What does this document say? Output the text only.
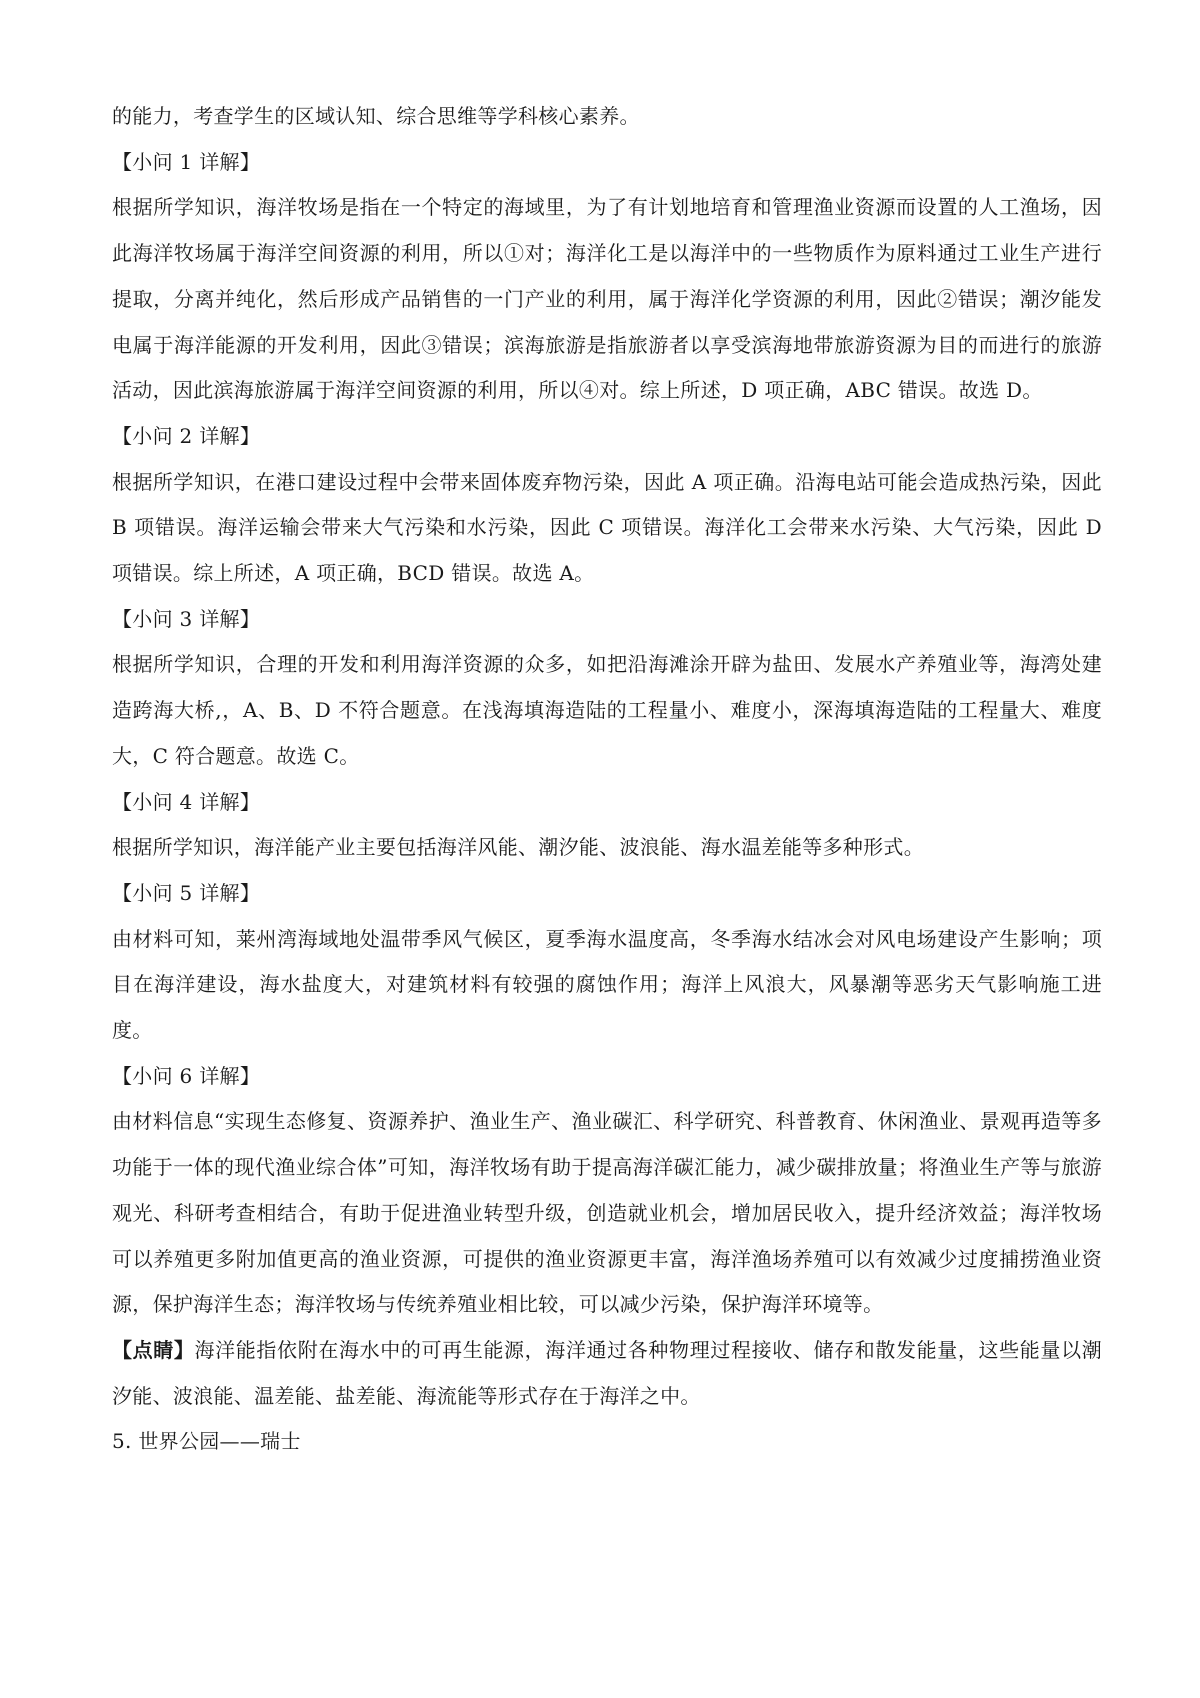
的能力，考查学生的区域认知、综合思维等学科核心素养。

【小问 1 详解】

根据所学知识，海洋牧场是指在一个特定的海域里，为了有计划地培育和管理渔业资源而设置的人工渔场，因此海洋牧场属于海洋空间资源的利用，所以①对；海洋化工是以海洋中的一些物质作为原料通过工业生产进行提取，分离并纯化，然后形成产品销售的一门产业的利用，属于海洋化学资源的利用，因此②错误；潮汐能发电属于海洋能源的开发利用，因此③错误；滨海旅游是指旅游者以享受滨海地带旅游资源为目的而进行的旅游活动，因此滨海旅游属于海洋空间资源的利用，所以④对。综上所述，D 项正确，ABC 错误。故选 D。

【小问 2 详解】

根据所学知识，在港口建设过程中会带来固体废弃物污染，因此 A 项正确。沿海电站可能会造成热污染，因此 B 项错误。海洋运输会带来大气污染和水污染，因此 C 项错误。海洋化工会带来水污染、大气污染，因此 D 项错误。综上所述，A 项正确，BCD 错误。故选 A。

【小问 3 详解】

根据所学知识，合理的开发和利用海洋资源的众多，如把沿海滩涂开辟为盐田、发展水产养殖业等，海湾处建造跨海大桥,，A、B、D 不符合题意。在浅海填海造陆的工程量小、难度小，深海填海造陆的工程量大、难度大，C 符合题意。故选 C。

【小问 4 详解】

根据所学知识，海洋能产业主要包括海洋风能、潮汐能、波浪能、海水温差能等多种形式。

【小问 5 详解】

由材料可知，莱州湾海域地处温带季风气候区，夏季海水温度高，冬季海水结冰会对风电场建设产生影响；项目在海洋建设，海水盐度大，对建筑材料有较强的腐蚀作用；海洋上风浪大，风暴潮等恶劣天气影响施工进度。

【小问 6 详解】

由材料信息“实现生态修复、资源养护、渔业生产、渔业碳汇、科学研究、科普教育、休闲渔业、景观再造等多功能于一体的现代渔业综合体”可知，海洋牧场有助于提高海洋碳汇能力，减少碳排放量；将渔业生产等与旅游观光、科研考查相结合，有助于促进渔业转型升级，创造就业机会，增加居民收入，提升经济效益；海洋牧场可以养殖更多附加值更高的渔业资源，可提供的渔业资源更丰富，海洋渔场养殖可以有效减少过度捕捞渔业资源，保护海洋生态；海洋牧场与传统养殖业相比较，可以减少污染，保护海洋环境等。

【点睛】海洋能指依附在海水中的可再生能源，海洋通过各种物理过程接收、储存和散发能量，这些能量以潮汐能、波浪能、温差能、盐差能、海流能等形式存在于海洋之中。

5. 世界公园——瑞士
